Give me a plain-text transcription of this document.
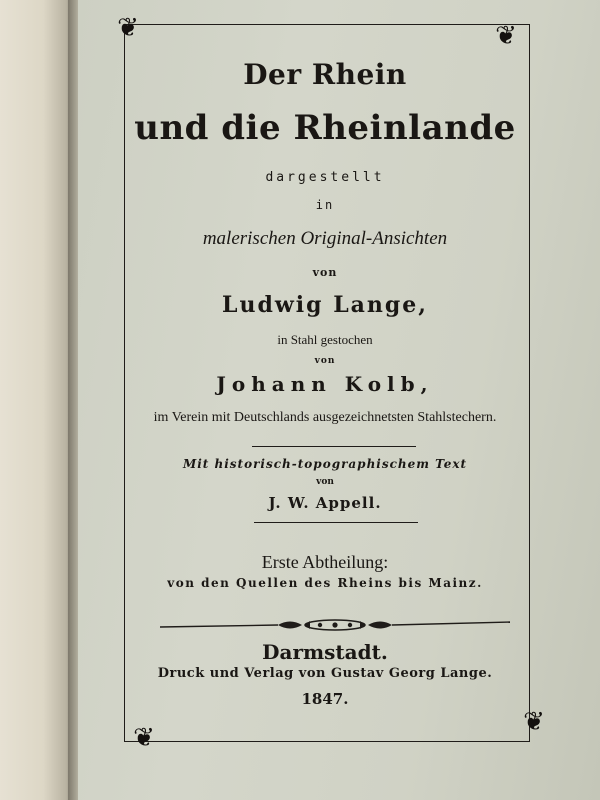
❦	❦
❦
❦
Der Rhein
und die Rheinlande
dargestellt
in
malerischen Original-Ansichten
von
Ludwig Lange,
in Stahl gestochen
von
Johann Kolb,
im Verein mit Deutschlands ausgezeichnetsten Stahlstechern.
Mit historisch-topographischem Text
von
J. W. Appell.
Erste Abtheilung:
von den Quellen des Rheins bis Mainz.
Darmstadt.
Druck und Verlag von Gustav Georg Lange.
1847.
